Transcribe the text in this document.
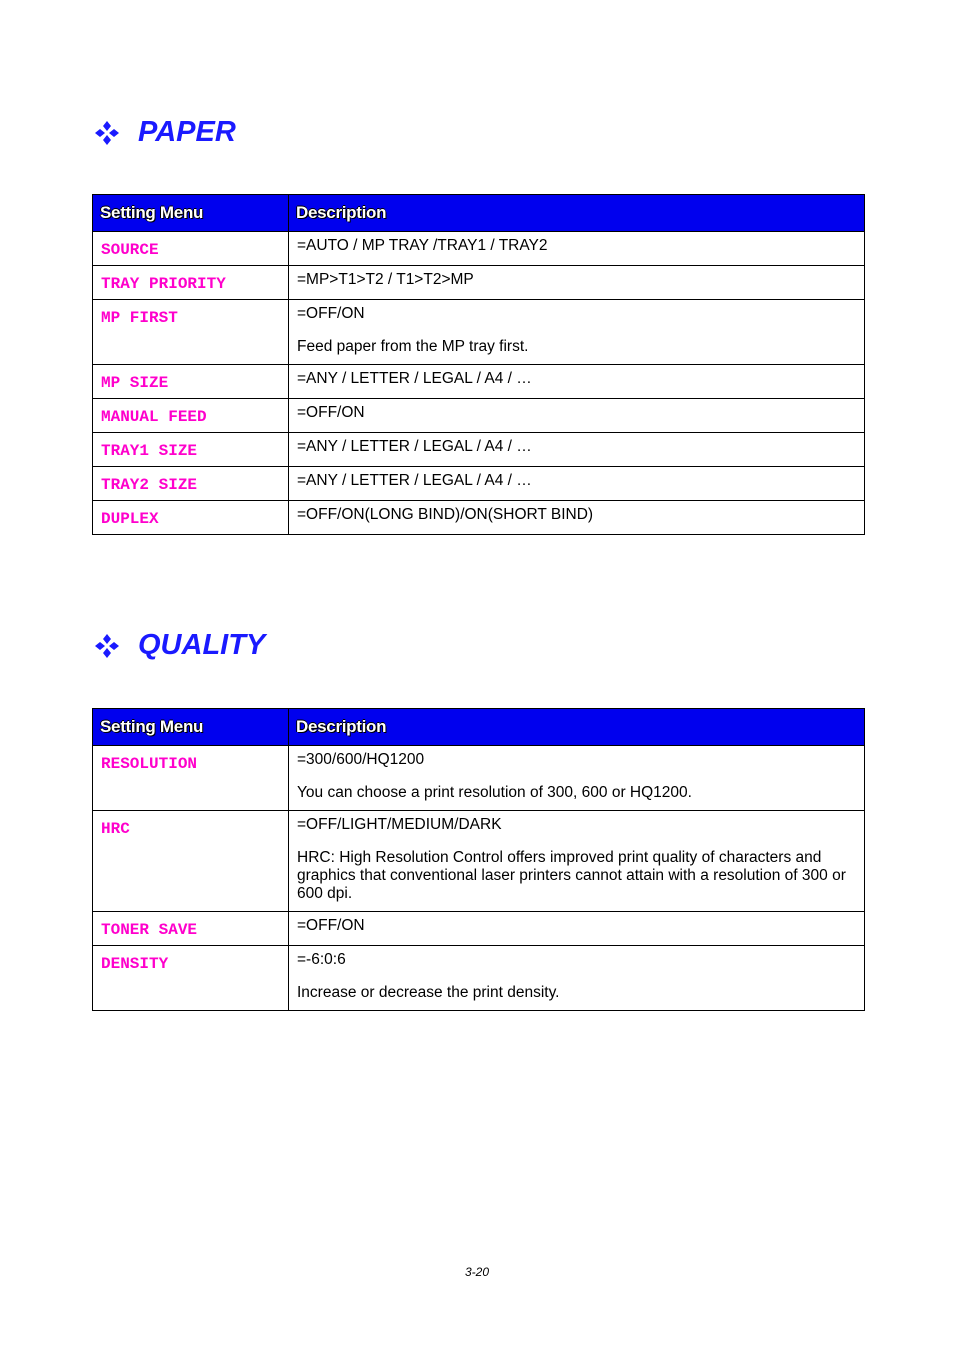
PAPER
Setting Menu	Description
SOURCE	=AUTO / MP TRAY /TRAY1 / TRAY2

TRAY PRIORITY	=MP>T1>T2 / T1>T2>MP

MP FIRST	=OFF/ON

Feed paper from the MP tray first.

MP SIZE	=ANY / LETTER / LEGAL / A4 / …

MANUAL FEED	=OFF/ON

TRAY1 SIZE	=ANY / LETTER / LEGAL / A4 / …

TRAY2 SIZE	=ANY / LETTER / LEGAL / A4 / …

DUPLEX	=OFF/ON(LONG BIND)/ON(SHORT BIND)

QUALITY
Setting Menu	Description
RESOLUTION	=300/600/HQ1200

You can choose a print resolution of 300, 600 or HQ1200.

HRC	=OFF/LIGHT/MEDIUM/DARK

HRC: High Resolution Control offers improved print quality of characters and graphics that conventional laser printers cannot attain with a resolution of 300 or 600 dpi.

TONER SAVE	=OFF/ON

DENSITY	=-6:0:6

Increase or decrease the print density.

3-20
